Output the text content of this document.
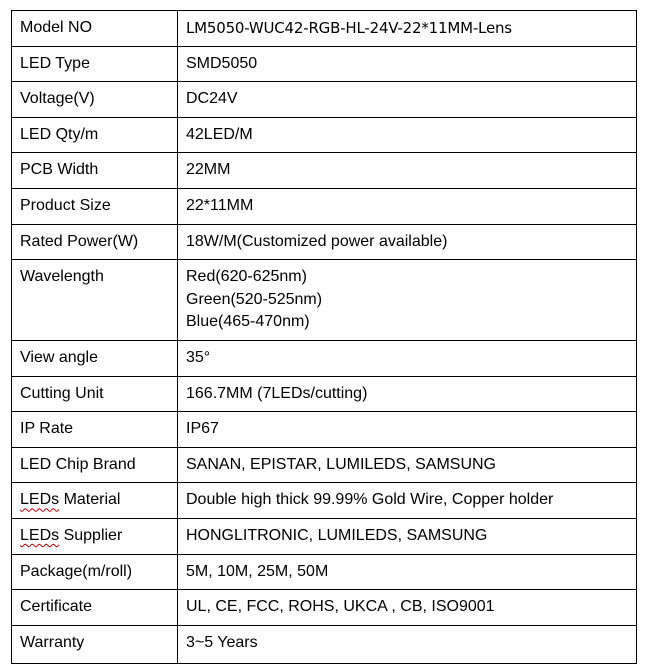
Model NO	LM5050-WUC42-RGB-HL-24V-22*11MM-Lens
LED Type	SMD5050
Voltage(V)	DC24V
LED Qty/m	42LED/M
PCB Width	22MM
Product Size	22*11MM
Rated Power(W)	18W/M(Customized power available)
Wavelength	Red(620-625nm)
Green(520-525nm)
Blue(465-470nm)

View angle	35°
Cutting Unit	166.7MM (7LEDs/cutting)
IP Rate	IP67
LED Chip Brand	SANAN, EPISTAR, LUMILEDS, SAMSUNG
LEDs Material	Double high thick 99.99% Gold Wire, Copper holder
LEDs Supplier	HONGLITRONIC, LUMILEDS, SAMSUNG
Package(m/roll)	5M, 10M, 25M, 50M
Certificate	UL, CE, FCC, ROHS, UKCA , CB, ISO9001
Warranty	3~5 Years
